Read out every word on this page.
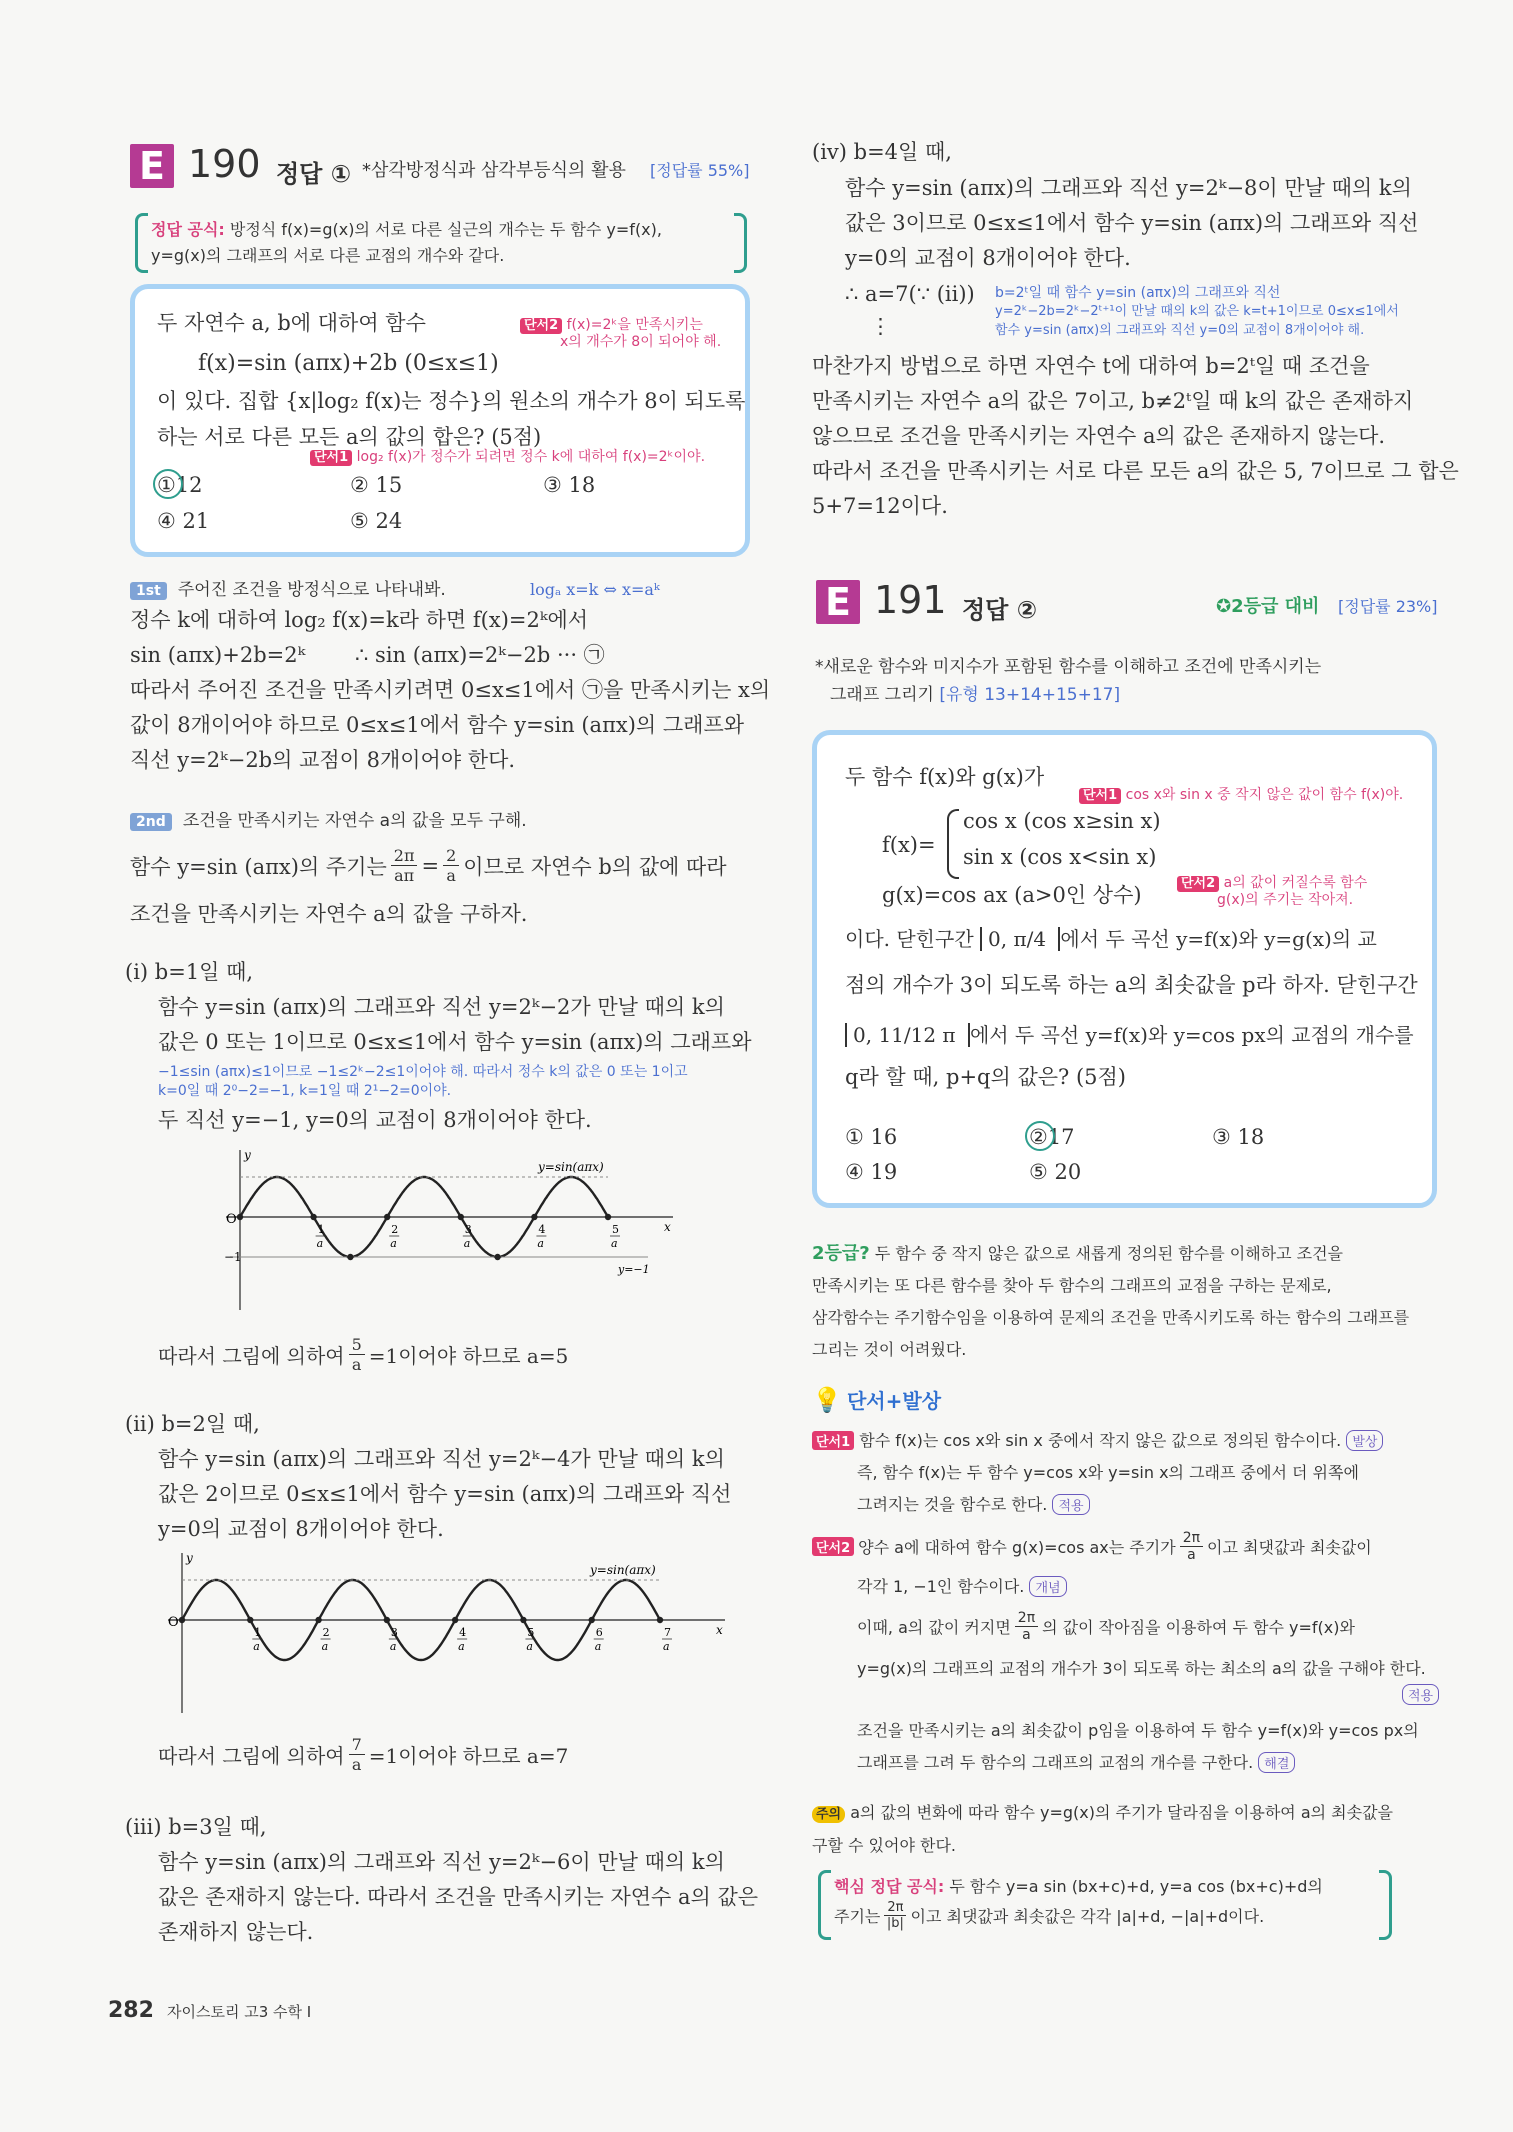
E 190 정답 ① *삼각방정식과 삼각부등식의 활용 [정답률 55%]
정답 공식: 방정식 f(x)=g(x)의 서로 다른 실근의 개수는 두 함수 y=f(x),
y=g(x)의 그래프의 서로 다른 교점의 개수와 같다.
두 자연수 a, b에 대하여 함수
f(x)=sin (aπx)+2b (0≤x≤1)
이 있다. 집합 {x|log₂ f(x)는 정수}의 원소의 개수가 8이 되도록
하는 서로 다른 모든 a의 값의 합은? (5점)
단서2 f(x)=2ᵏ을 만족시키는
x의 개수가 8이 되어야 해.
단서1 log₂ f(x)가 정수가 되려면 정수 k에 대하여 f(x)=2ᵏ이야.
①12	② 15	③ 18
④ 21	⑤ 24
1st 주어진 조건을 방정식으로 나타내봐.	logₐ x=k ⇔ x=aᵏ
정수 k에 대하여 log₂ f(x)=k라 하면 f(x)=2ᵏ에서
sin (aπx)+2b=2ᵏ ∴ sin (aπx)=2ᵏ−2b ··· ㉠
따라서 주어진 조건을 만족시키려면 0≤x≤1에서 ㉠을 만족시키는 x의
값이 8개이어야 하므로 0≤x≤1에서 함수 y=sin (aπx)의 그래프와
직선 y=2ᵏ−2b의 교점이 8개이어야 한다.
2nd 조건을 만족시키는 자연수 a의 값을 모두 구해.
함수 y=sin (aπx)의 주기는 $\frac{2\pi}{a\pi} = \frac{2}{a}$ 이므로 자연수 b의 값에 따라
조건을 만족시키는 자연수 a의 값을 구하자.
(i) b=1일 때,
함수 y=sin (aπx)의 그래프와 직선 y=2ᵏ−2가 만날 때의 k의
값은 0 또는 1이므로 0≤x≤1에서 함수 y=sin (aπx)의 그래프와
−1≤sin (aπx)≤1이므로 −1≤2ᵏ−2≤1이어야 해. 따라서 정수 k의 값은 0 또는 1이고
k=0일 때 2⁰−2=−1, k=1일 때 2¹−2=0이야.
두 직선 y=−1, y=0의 교점이 8개이어야 한다.
O
y
x
−1
y=−1
1
a
2
a
3
a
4
a
5
a
y=sin(aπx)
따라서 그림에 의하여 $\frac{5}{a} =1$이어야 하므로 a=5
(ii) b=2일 때,
함수 y=sin (aπx)의 그래프와 직선 y=2ᵏ−4가 만날 때의 k의
값은 2이므로 0≤x≤1에서 함수 y=sin (aπx)의 그래프와 직선
y=0의 교점이 8개이어야 한다.
O
y
x
1
a
2
a
3
a
4
a
5
a
6
a
7
a
y=sin(aπx)
따라서 그림에 의하여 $\frac{7}{a} =1$이어야 하므로 a=7
(iii) b=3일 때,
함수 y=sin (aπx)의 그래프와 직선 y=2ᵏ−6이 만날 때의 k의
값은 존재하지 않는다. 따라서 조건을 만족시키는 자연수 a의 값은
존재하지 않는다.
282 자이스토리 고3 수학 I
(iv) b=4일 때,
함수 y=sin (aπx)의 그래프와 직선 y=2ᵏ−8이 만날 때의 k의
값은 3이므로 0≤x≤1에서 함수 y=sin (aπx)의 그래프와 직선
y=0의 교점이 8개이어야 한다.
∴ a=7(∵ (ii)) b=2ᵗ일 때 함수 y=sin (aπx)의 그래프와 직선
y=2ᵏ−2b=2ᵏ−2ᵗ⁺¹이 만날 때의 k의 값은 k=t+1이므로 0≤x≤1에서
함수 y=sin (aπx)의 그래프와 직선 y=0의 교점이 8개이어야 해.
⋮
마찬가지 방법으로 하면 자연수 t에 대하여 b=2ᵗ일 때 조건을
만족시키는 자연수 a의 값은 7이고, b≠2ᵗ일 때 k의 값은 존재하지
않으므로 조건을 만족시키는 자연수 a의 값은 존재하지 않는다.
따라서 조건을 만족시키는 서로 다른 모든 a의 값은 5, 7이므로 그 합은
5+7=12이다.
E 191 정답 ②	✪2등급 대비 [정답률 23%]
*새로운 함수와 미지수가 포함된 함수를 이해하고 조건에 만족시키는
그래프 그리기 [유형 13+14+15+17]
두 함수 f(x)와 g(x)가
단서1 cos x와 sin x 중 작지 않은 값이 함수 f(x)야.
f(x)=
cos x (cos x≥sin x)
sin x (cos x<sin x)
g(x)=cos ax (a>0인 상수)	단서2 a의 값이 커질수록 함수
g(x)의 주기는 작아져.
이다. 닫힌구간 0, π/4 에서 두 곡선 y=f(x)와 y=g(x)의 교
점의 개수가 3이 되도록 하는 a의 최솟값을 p라 하자. 닫힌구간
0, 11/12 π 에서 두 곡선 y=f(x)와 y=cos px의 교점의 개수를
q라 할 때, p+q의 값은? (5점)
① 16	②17	③ 18
④ 19	⑤ 20
2등급? 두 함수 중 작지 않은 값으로 새롭게 정의된 함수를 이해하고 조건을
만족시키는 또 다른 함수를 찾아 두 함수의 그래프의 교점을 구하는 문제로,
삼각함수는 주기함수임을 이용하여 문제의 조건을 만족시키도록 하는 함수의 그래프를
그리는 것이 어려웠다.
💡 단서+발상
단서1 함수 f(x)는 cos x와 sin x 중에서 작지 않은 값으로 정의된 함수이다. 발상
즉, 함수 f(x)는 두 함수 y=cos x와 y=sin x의 그래프 중에서 더 위쪽에
그려지는 것을 함수로 한다. 적용
단서2 양수 a에 대하여 함수 g(x)=cos ax는 주기가 $\frac{2\pi}{a}$ 이고 최댓값과 최솟값이
각각 1, −1인 함수이다. 개념
이때, a의 값이 커지면 $\frac{2\pi}{a}$ 의 값이 작아짐을 이용하여 두 함수 y=f(x)와
y=g(x)의 그래프의 교점의 개수가 3이 되도록 하는 최소의 a의 값을 구해야 한다.
적용
조건을 만족시키는 a의 최솟값이 p임을 이용하여 두 함수 y=f(x)와 y=cos px의
그래프를 그려 두 함수의 그래프의 교점의 개수를 구한다. 해결
주의 a의 값의 변화에 따라 함수 y=g(x)의 주기가 달라짐을 이용하여 a의 최솟값을
구할 수 있어야 한다.
핵심 정답 공식: 두 함수 y=a sin (bx+c)+d, y=a cos (bx+c)+d의
주기는 $\frac{2\pi}{|b|}$ 이고 최댓값과 최솟값은 각각 |a|+d, −|a|+d이다.
